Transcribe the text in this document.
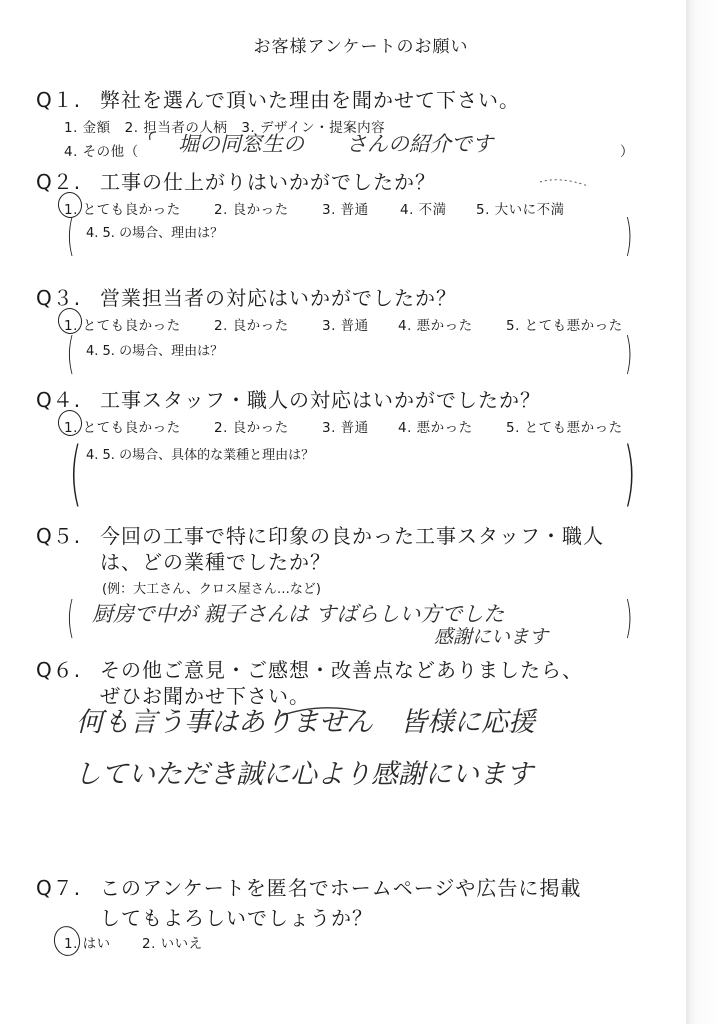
お客様アンケートのお願い
Q１. 弊社を選んで頂いた理由を聞かせて下さい。
1. 金額　2. 担当者の人柄　3. デザイン・提案内容
4. その他（ 堀の同窓生の　　さんの紹介です	）
Q２. 工事の仕上がりはいかがでしたか？
1. とても良かった 2. 良かった 3. 普通 4. 不満 5. 大いに不満
4. 5. の場合、理由は？
(	)
Q３. 営業担当者の対応はいかがでしたか？
1. とても良かった 2. 良かった 3. 普通 4. 悪かった 5. とても悪かった
4. 5. の場合、理由は？
(	)
Q４. 工事スタッフ・職人の対応はいかがでしたか？
1. とても良かった 2. 良かった 3. 普通 4. 悪かった 5. とても悪かった
4. 5. の場合、具体的な業種と理由は？
(	)
Q５. 今回の工事で特に印象の良かった工事スタッフ・職人
は、どの業種でしたか？
(例：大工さん、クロス屋さん…など)
( 厨房で中が 親子さんは すばらしい方でした
感謝にいます )
Q６. その他ご意見・ご感想・改善点などありましたら、
ぜひお聞かせ下さい。
何も言う事はありません　皆様に応援
していただき誠に心より感謝にいます
Q７. このアンケートを匿名でホームページや広告に掲載
してもよろしいでしょうか？
1. はい 2. いいえ
